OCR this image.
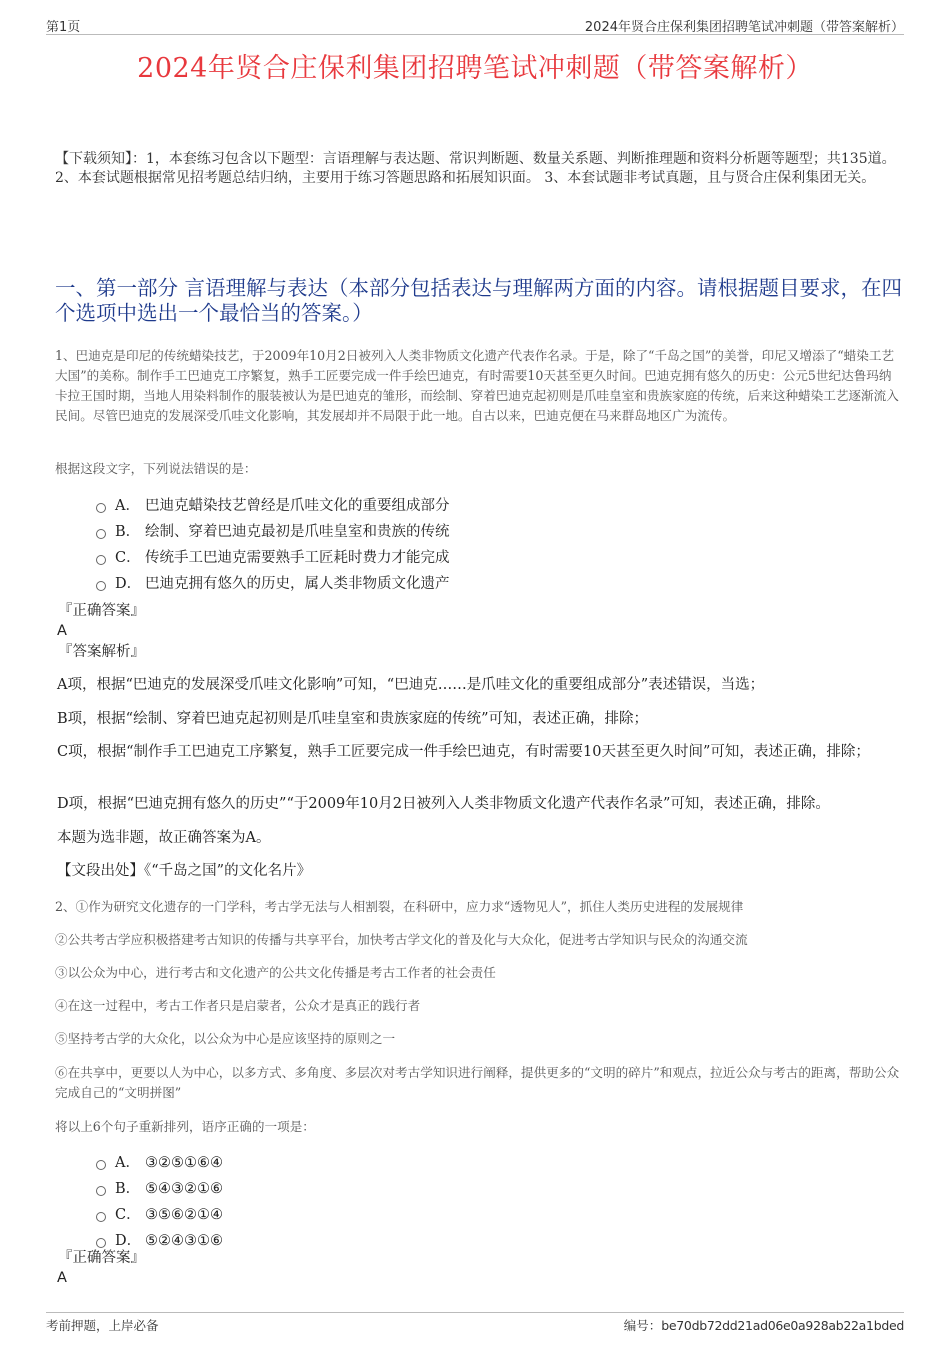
第1页	2024年贤合庄保利集团招聘笔试冲刺题（带答案解析）
2024年贤合庄保利集团招聘笔试冲刺题（带答案解析）
【下载须知】：1，本套练习包含以下题型：言语理解与表达题、常识判断题、数量关系题、判断推理题和资料分析题等题型；共135道。 2、本套试题根据常见招考题总结归纳，主要用于练习答题思路和拓展知识面。 3、本套试题非考试真题，且与贤合庄保利集团无关。
一、第一部分 言语理解与表达（本部分包括表达与理解两方面的内容。请根据题目要求，在四个选项中选出一个最恰当的答案。）
1、巴迪克是印尼的传统蜡染技艺，于2009年10月2日被列入人类非物质文化遗产代表作名录。于是，除了“千岛之国”的美誉，印尼又增添了“蜡染工艺大国”的美称。制作手工巴迪克工序繁复，熟手工匠要完成一件手绘巴迪克，有时需要10天甚至更久时间。巴迪克拥有悠久的历史：公元5世纪达鲁玛纳卡拉王国时期，当地人用染料制作的服装被认为是巴迪克的雏形，而绘制、穿着巴迪克起初则是爪哇皇室和贵族家庭的传统，后来这种蜡染工艺逐渐流入民间。尽管巴迪克的发展深受爪哇文化影响，其发展却并不局限于此一地。自古以来，巴迪克便在马来群岛地区广为流传。
根据这段文字，下列说法错误的是：
A． 巴迪克蜡染技艺曾经是爪哇文化的重要组成部分
B． 绘制、穿着巴迪克最初是爪哇皇室和贵族的传统
C． 传统手工巴迪克需要熟手工匠耗时费力才能完成
D． 巴迪克拥有悠久的历史，属人类非物质文化遗产
『正确答案』
A
『答案解析』
A项，根据“巴迪克的发展深受爪哇文化影响”可知，“巴迪克……是爪哇文化的重要组成部分”表述错误，当选；
B项，根据“绘制、穿着巴迪克起初则是爪哇皇室和贵族家庭的传统”可知，表述正确，排除；
C项，根据“制作手工巴迪克工序繁复，熟手工匠要完成一件手绘巴迪克，有时需要10天甚至更久时间”可知，表述正确，排除；
D项，根据“巴迪克拥有悠久的历史”“于2009年10月2日被列入人类非物质文化遗产代表作名录”可知，表述正确，排除。
本题为选非题，故正确答案为A。
【文段出处】《“千岛之国”的文化名片》
2、①作为研究文化遗存的一门学科，考古学无法与人相割裂，在科研中，应力求“透物见人”，抓住人类历史进程的发展规律
②公共考古学应积极搭建考古知识的传播与共享平台，加快考古学文化的普及化与大众化，促进考古学知识与民众的沟通交流
③以公众为中心，进行考古和文化遗产的公共文化传播是考古工作者的社会责任
④在这一过程中，考古工作者只是启蒙者，公众才是真正的践行者
⑤坚持考古学的大众化，以公众为中心是应该坚持的原则之一
⑥在共享中，更要以人为中心，以多方式、多角度、多层次对考古学知识进行阐释，提供更多的“文明的碎片”和观点，拉近公众与考古的距离，帮助公众完成自己的“文明拼图”
将以上6个句子重新排列，语序正确的一项是：
A． ③②⑤①⑥④
B． ⑤④③②①⑥
C． ③⑤⑥②①④
D． ⑤②④③①⑥
『正确答案』
A
考前押题，上岸必备	编号：be70db72dd21ad06e0a928ab22a1bded
